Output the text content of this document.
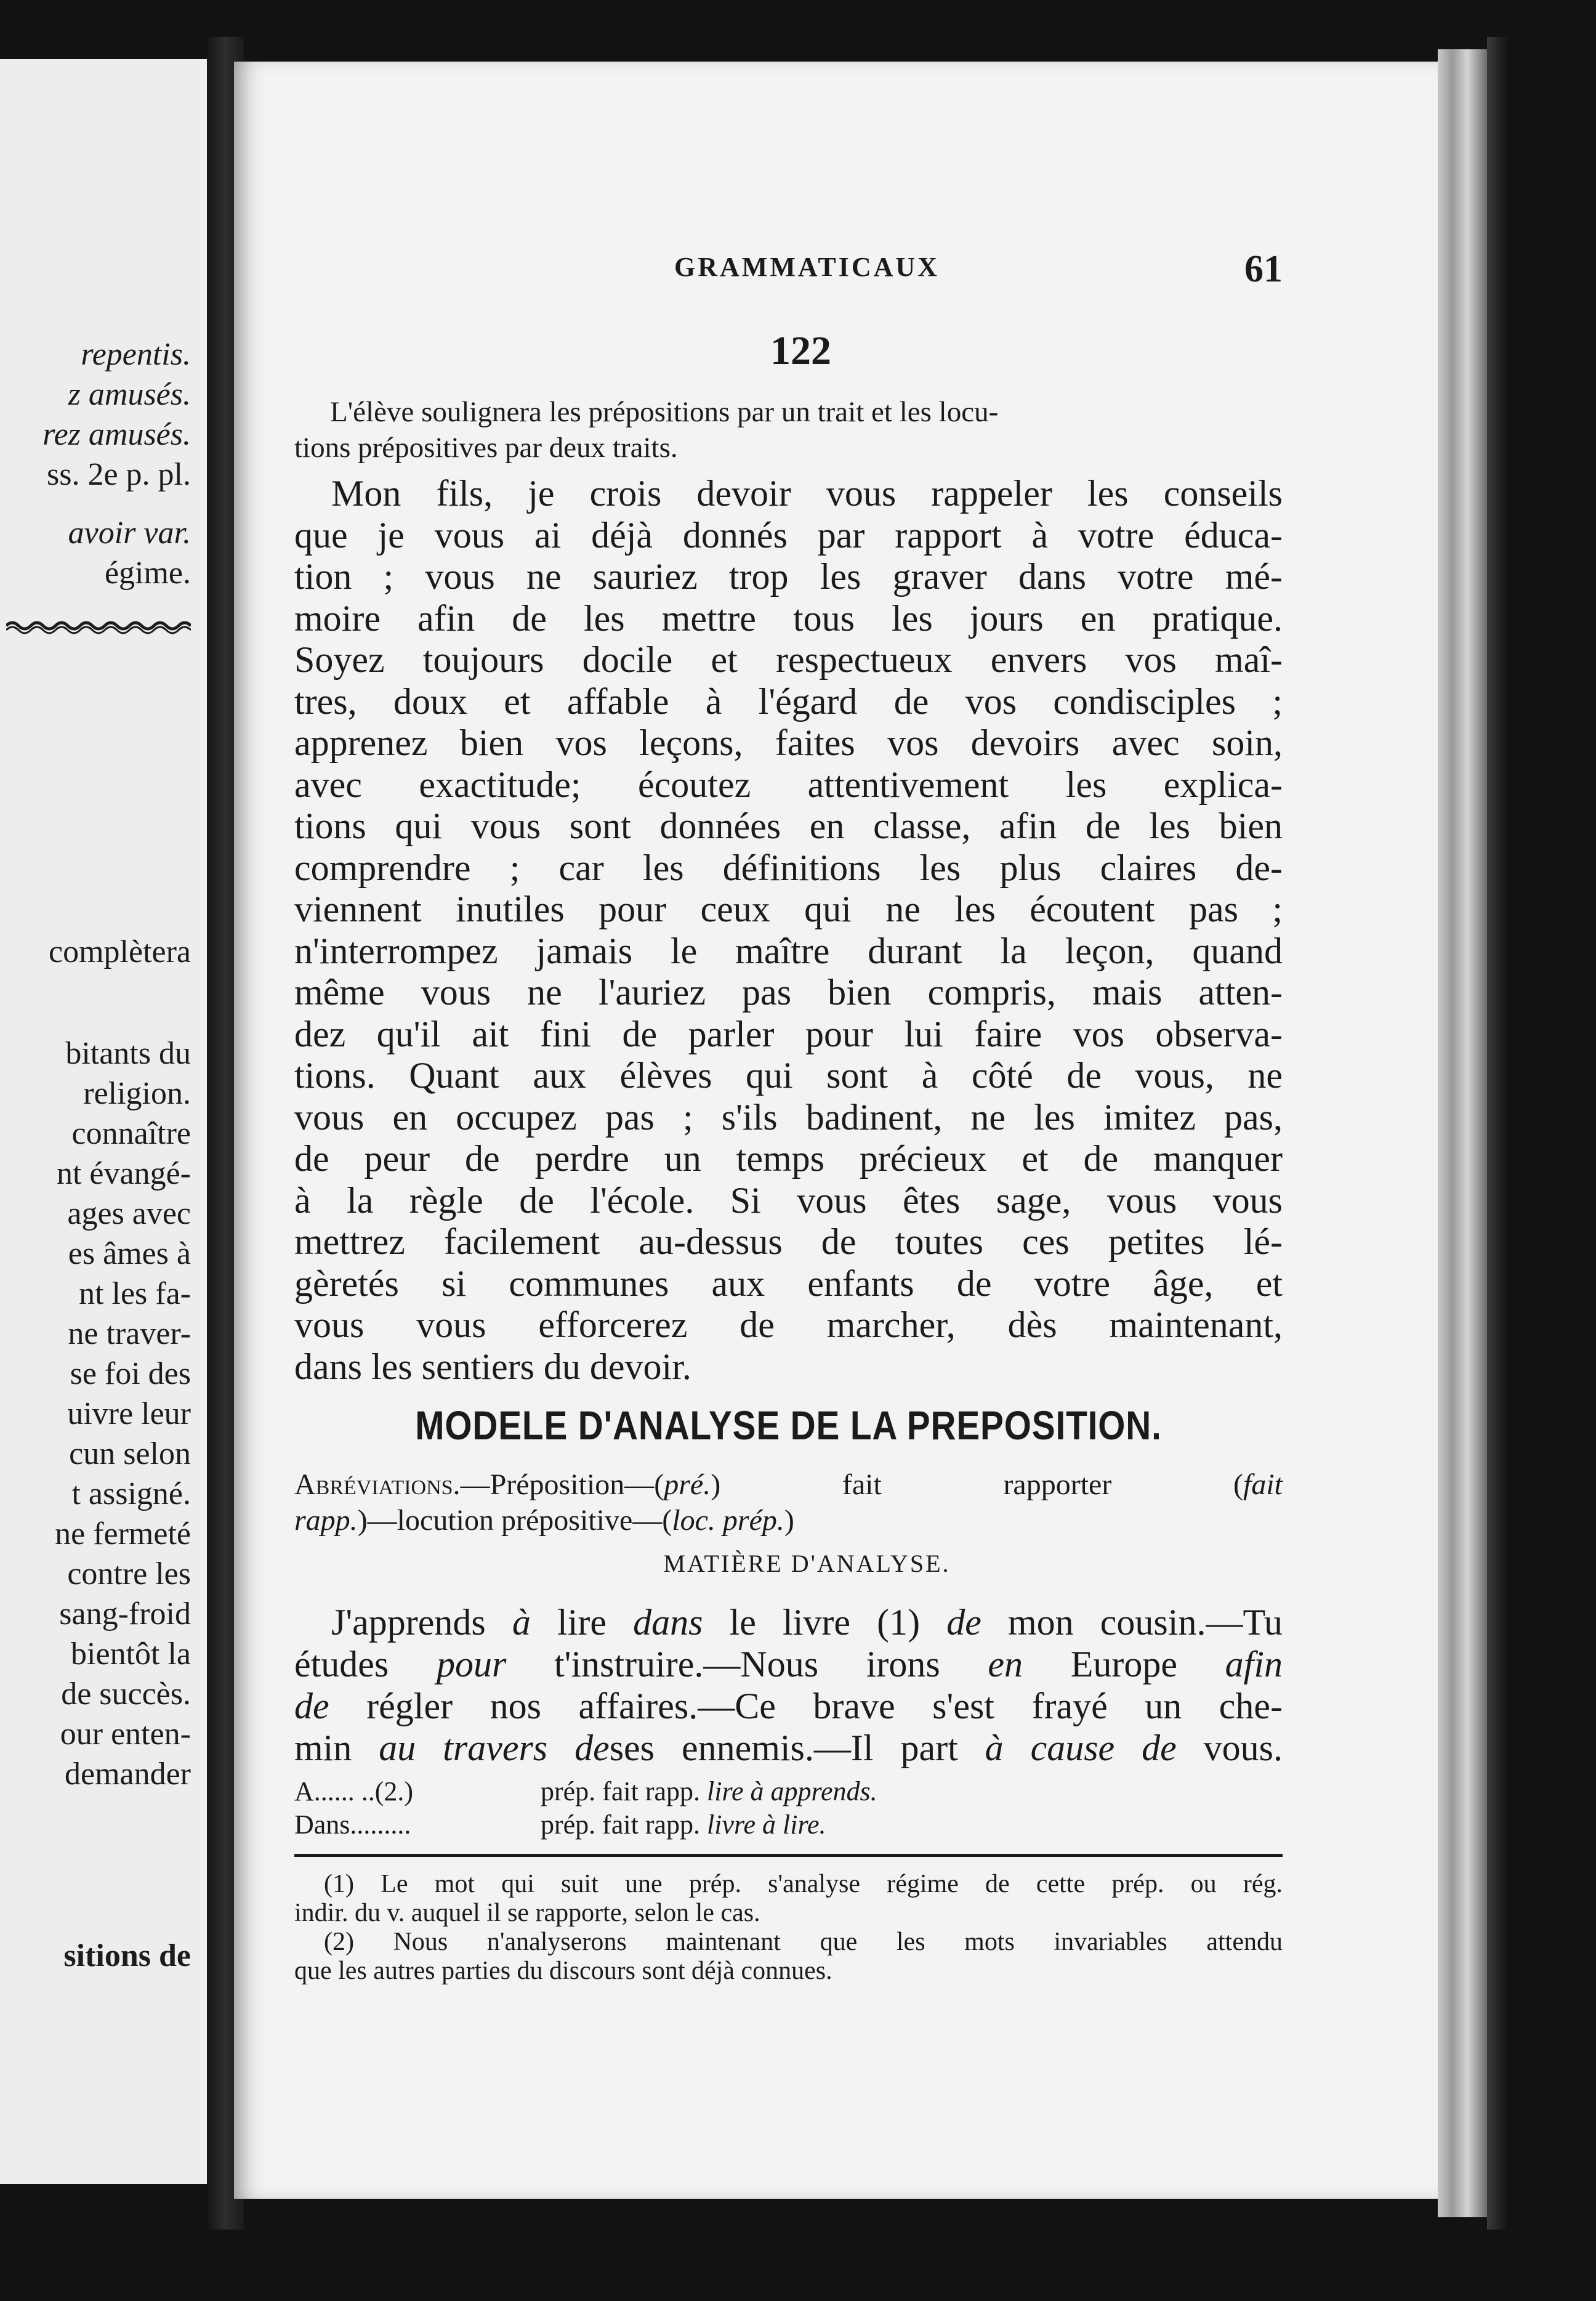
repentis.
z amusés.
rez amusés.
ss. 2e p. pl.
avoir var.
égime.
complètera
bitants du
religion.
connaître
nt évangé-
ages avec
es âmes à
nt les fa-
ne traver-
se foi des
uivre leur
cun selon
t assigné.
ne fermeté
contre les
sang-froid
bientôt la
de succès.
our enten-
demander
sitions de
GRAMMATICAUX	61
122
L'élève soulignera les prépositions par un trait et les locu-
tions prépositives par deux traits.
Mon fils, je crois devoir vous rappeler les conseils
que je vous ai déjà donnés par rapport à votre éduca-
tion ; vous ne sauriez trop les graver dans votre mé-
moire afin de les mettre tous les jours en pratique.
Soyez toujours docile et respectueux envers vos maî-
tres, doux et affable à l'égard de vos condisciples ;
apprenez bien vos leçons, faites vos devoirs avec soin,
avec exactitude; écoutez attentivement les explica-
tions qui vous sont données en classe, afin de les bien
comprendre ; car les définitions les plus claires de-
viennent inutiles pour ceux qui ne les écoutent pas ;
n'interrompez jamais le maître durant la leçon, quand
même vous ne l'auriez pas bien compris, mais atten-
dez qu'il ait fini de parler pour lui faire vos observa-
tions. Quant aux élèves qui sont à côté de vous, ne
vous en occupez pas ; s'ils badinent, ne les imitez pas,
de peur de perdre un temps précieux et de manquer
à la règle de l'école. Si vous êtes sage, vous vous
mettrez facilement au-dessus de toutes ces petites lé-
gèretés si communes aux enfants de votre âge, et
vous vous efforcerez de marcher, dès maintenant,
dans les sentiers du devoir.
MODELE D'ANALYSE DE LA PREPOSITION.
Abréviations.—Préposition—(pré.) fait rapporter (fait
rapp.)—locution prépositive—(loc. prép.)
MATIÈRE D'ANALYSE.
J'apprends à lire dans le livre (1) de mon cousin.—Tu
études pour t'instruire.—Nous irons en Europe afin
de régler nos affaires.—Ce brave s'est frayé un che-
min au travers deses ennemis.—Il part à cause de vous.
A...... ..(2.)	prép. fait rapp. lire à apprends.
Dans.........	prép. fait rapp. livre à lire.
(1) Le mot qui suit une prép. s'analyse régime de cette prép. ou rég.
indir. du v. auquel il se rapporte, selon le cas.
(2) Nous n'analyserons maintenant que les mots invariables attendu
que les autres parties du discours sont déjà connues.
